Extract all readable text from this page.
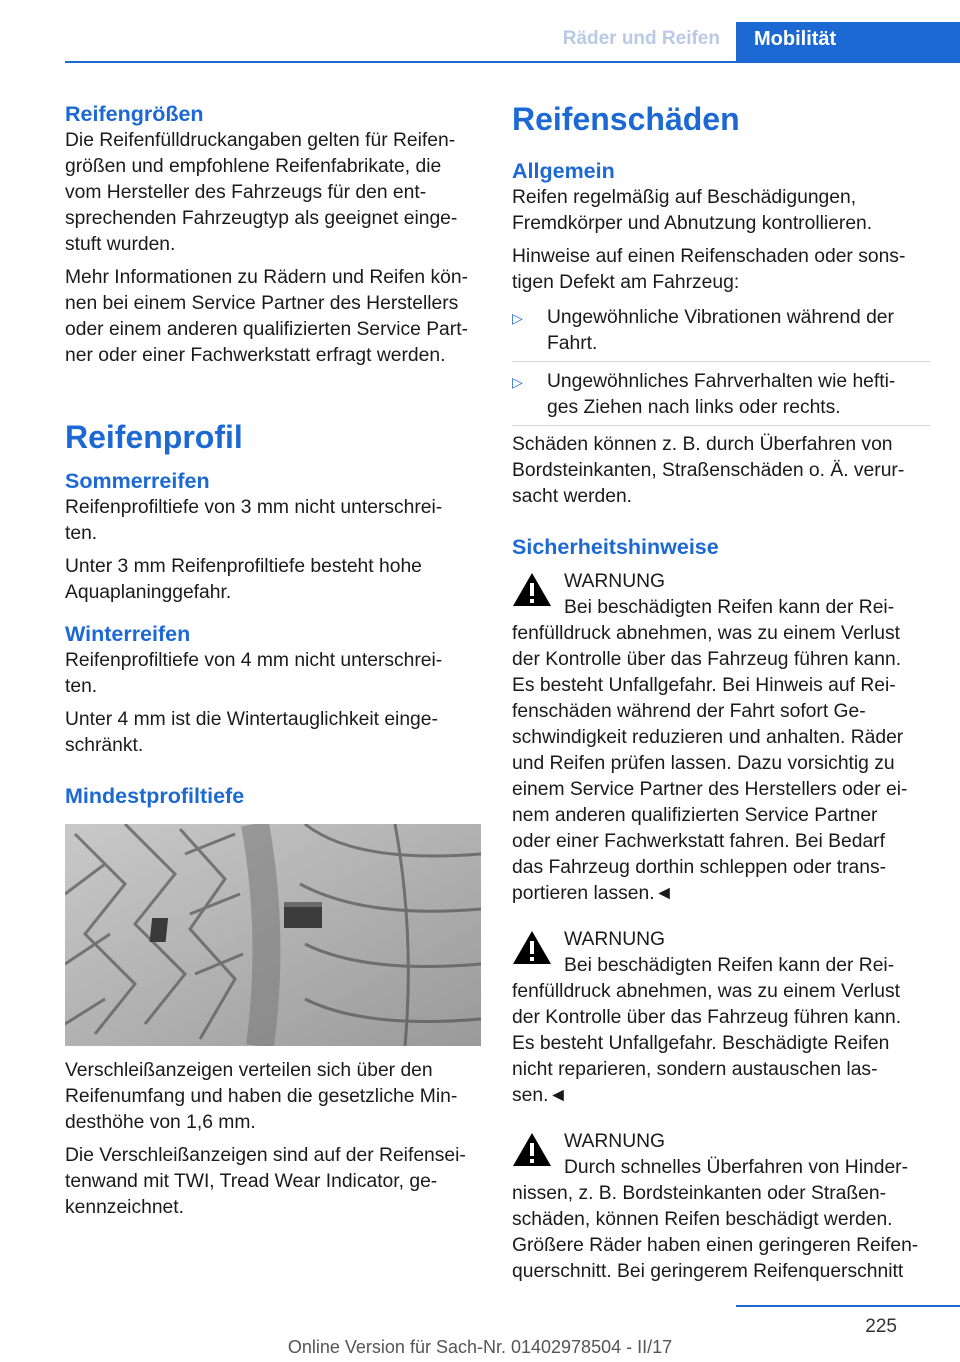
Räder und Reifen	Mobilität
Reifengrößen

Die Reifenfülldruckangaben gelten für Reifen-
größen und empfohlene Reifenfabrikate, die
vom Hersteller des Fahrzeugs für den ent-
sprechenden Fahrzeugtyp als geeignet einge-
stuft wurden.

Mehr Informationen zu Rädern und Reifen kön-
nen bei einem Service Partner des Herstellers
oder einem anderen qualifizierten Service Part-
ner oder einer Fachwerkstatt erfragt werden.

Reifenprofil
Sommerreifen

Reifenprofiltiefe von 3 mm nicht unterschrei-
ten.

Unter 3 mm Reifenprofiltiefe besteht hohe
Aquaplaninggefahr.

Winterreifen

Reifenprofiltiefe von 4 mm nicht unterschrei-
ten.

Unter 4 mm ist die Wintertauglichkeit einge-
schränkt.

Mindestprofiltiefe

Verschleißanzeigen verteilen sich über den
Reifenumfang und haben die gesetzliche Min-
desthöhe von 1,6 mm.

Die Verschleißanzeigen sind auf der Reifensei-
tenwand mit TWI, Tread Wear Indicator, ge-
kennzeichnet.

Reifenschäden
Allgemein

Reifen regelmäßig auf Beschädigungen,
Fremdkörper und Abnutzung kontrollieren.

Hinweise auf einen Reifenschaden oder sons-
tigen Defekt am Fahrzeug:

▷	Ungewöhnliche Vibrationen während der
Fahrt.
▷	Ungewöhnliches Fahrverhalten wie hefti-
ges Ziehen nach links oder rechts.

Schäden können z. B. durch Überfahren von
Bordsteinkanten, Straßenschäden o. Ä. verur-
sacht werden.

Sicherheitshinweise
WARNUNG

Bei beschädigten Reifen kann der Rei-
fenfülldruck abnehmen, was zu einem Verlust
der Kontrolle über das Fahrzeug führen kann.
Es besteht Unfallgefahr. Bei Hinweis auf Rei-
fenschäden während der Fahrt sofort Ge-
schwindigkeit reduzieren und anhalten. Räder
und Reifen prüfen lassen. Dazu vorsichtig zu
einem Service Partner des Herstellers oder ei-
nem anderen qualifizierten Service Partner
oder einer Fachwerkstatt fahren. Bei Bedarf
das Fahrzeug dorthin schleppen oder trans-
portieren lassen.◄

WARNUNG

Bei beschädigten Reifen kann der Rei-
fenfülldruck abnehmen, was zu einem Verlust
der Kontrolle über das Fahrzeug führen kann.
Es besteht Unfallgefahr. Beschädigte Reifen
nicht reparieren, sondern austauschen las-
sen.◄

WARNUNG

Durch schnelles Überfahren von Hinder-
nissen, z. B. Bordsteinkanten oder Straßen-
schäden, können Reifen beschädigt werden.
Größere Räder haben einen geringeren Reifen-
querschnitt. Bei geringerem Reifenquerschnitt

225
Online Version für Sach-Nr. 01402978504 - II/17
